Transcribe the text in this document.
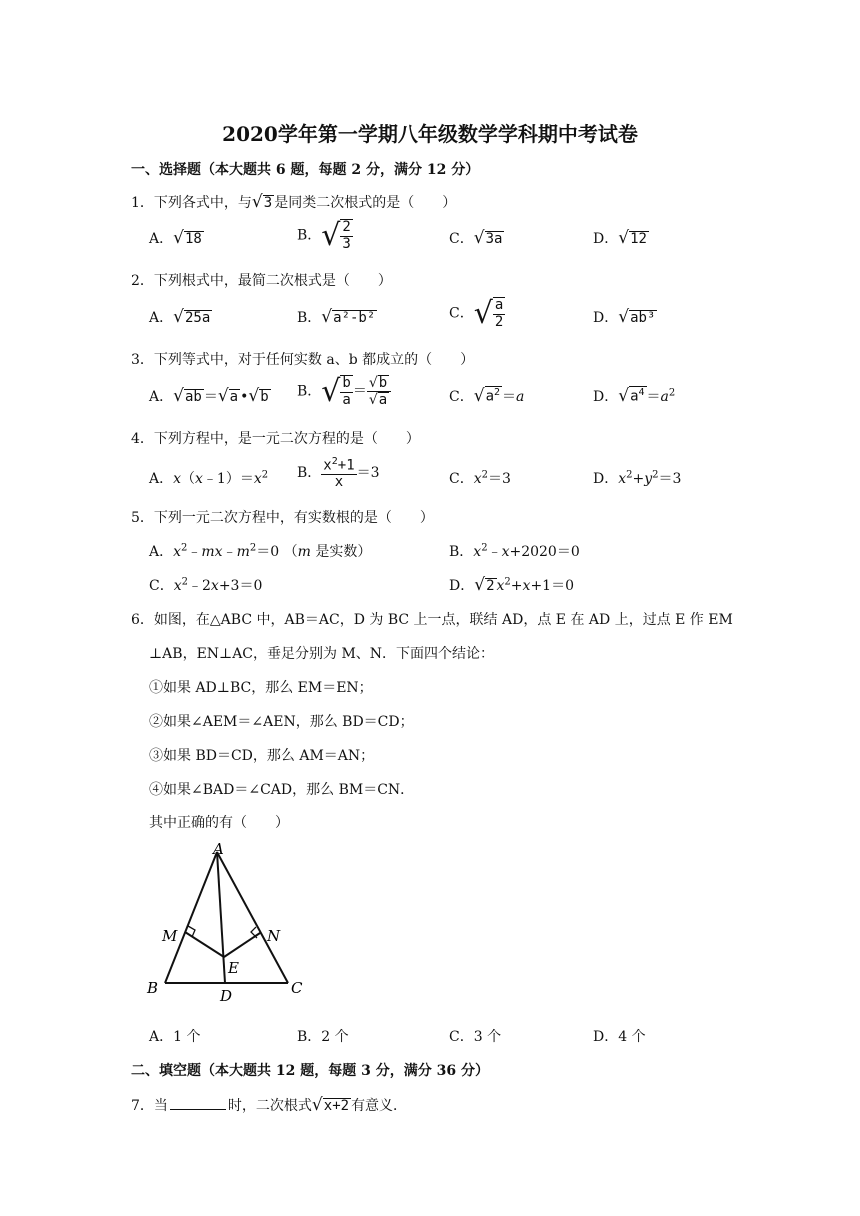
2020学年第一学期八年级数学学科期中考试卷
一、选择题（本大题共 6 题，每题 2 分，满分 12 分）
1．下列各式中，与√3 是同类二次根式的是（　　）
A．√18	B．√ $\frac{2}{3}$	C．√3a	D．√12
2．下列根式中，最简二次根式是（　　）
A．√25a	B．√a²-b²	C．√ $\frac{a}{2}$	D．√ab³
3．下列等式中，对于任何实数 a、b 都成立的（　　）
A．√ab ＝√a •√b B．√ $\frac{b}{a} = \frac{√b}{√a}$	C．$√a^2 =a$	D．$√a^4 =a^2$
4．下列方程中，是一元二次方程的是（　　）
A．$x(x﹣1)=x^2$ B． $\frac{x^2+1}{x} =3$	C．$x^2=3$	D．$x^2+y^2=3$
5．下列一元二次方程中，有实数根的是（　　）
A．$x^2﹣mx﹣m^2=0$ （m 是实数）	B．$x^2﹣x+2020=0$
C．$x^2﹣2x+3=0$	D．√2 $x^2+x+1=0$
6．如图，在△ABC 中，AB＝AC，D 为 BC 上一点，联结 AD，点 E 在 AD 上，过点 E 作 EM
⊥AB，EN⊥AC，垂足分别为 M、N．下面四个结论：
①如果 AD⊥BC，那么 EM＝EN；
②如果∠AEM＝∠AEN，那么 BD＝CD；
③如果 BD＝CD，那么 AM＝AN；
④如果∠BAD＝∠CAD，那么 BM＝CN．
其中正确的有（　　）
A
M	N
E
B	D	C
A．1 个	B．2 个	C．3 个	D．4 个
二、填空题（本大题共 12 题，每题 3 分，满分 36 分）
7．当	时，二次根式√x+2 有意义．
